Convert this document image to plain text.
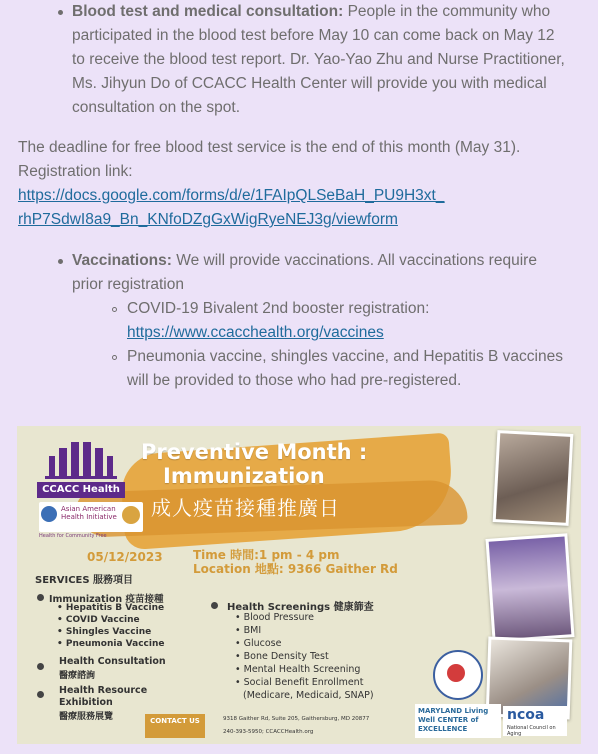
Blood test and medical consultation: People in the community who
participated in the blood test before May 10 can come back on May 12
to receive the blood test report. Dr. Yao-Yao Zhu and Nurse Practitioner,
Ms. Jihyun Do of CCACC Health Center will provide you with medical
consultation on the spot.
The deadline for free blood test service is the end of this month (May 31).
Registration link:
https://docs.google.com/forms/d/e/1FAIpQLSeBaH_PU9H3xt_
rhP7SdwI8a9_Bn_KNfoDZgGxWigRyeNEJ3g/viewform
Vaccinations: We will provide vaccinations. All vaccinations require
prior registration
COVID-19 Bivalent 2nd booster registration:
https://www.ccacchealth.org/vaccines
Pneumonia vaccine, shingles vaccine, and Hepatitis B vaccines
will be provided to those who had pre-registered.
CCACC Health
Asian American Health Initiative
Health for Community Free
Preventive Month :
Immunization
成人疫苗接種推廣日
05/12/2023	Time 時間:1 pm - 4 pm
Location 地點: 9366 Gaither Rd
SERVICES 服務項目
Immunization 疫苗接種
• Hepatitis B Vaccine
• COVID Vaccine
• Shingles Vaccine
• Pneumonia Vaccine
Health Consultation
醫療諮詢
Health Resource
Exhibition
醫療服務展覽
Health Screenings 健康篩查
• Blood Pressure
• BMI
• Glucose
• Bone Density Test
• Mental Health Screening
• Social Benefit Enrollment
(Medicare, Medicaid, SNAP)
CONTACT US	9318 Gaither Rd, Suite 205, Gaithersburg, MD 20877
240-393-5950; CCACCHealth.org
MARYLAND Living Well CENTER of EXCELLENCE
ncoa
National Council on Aging
